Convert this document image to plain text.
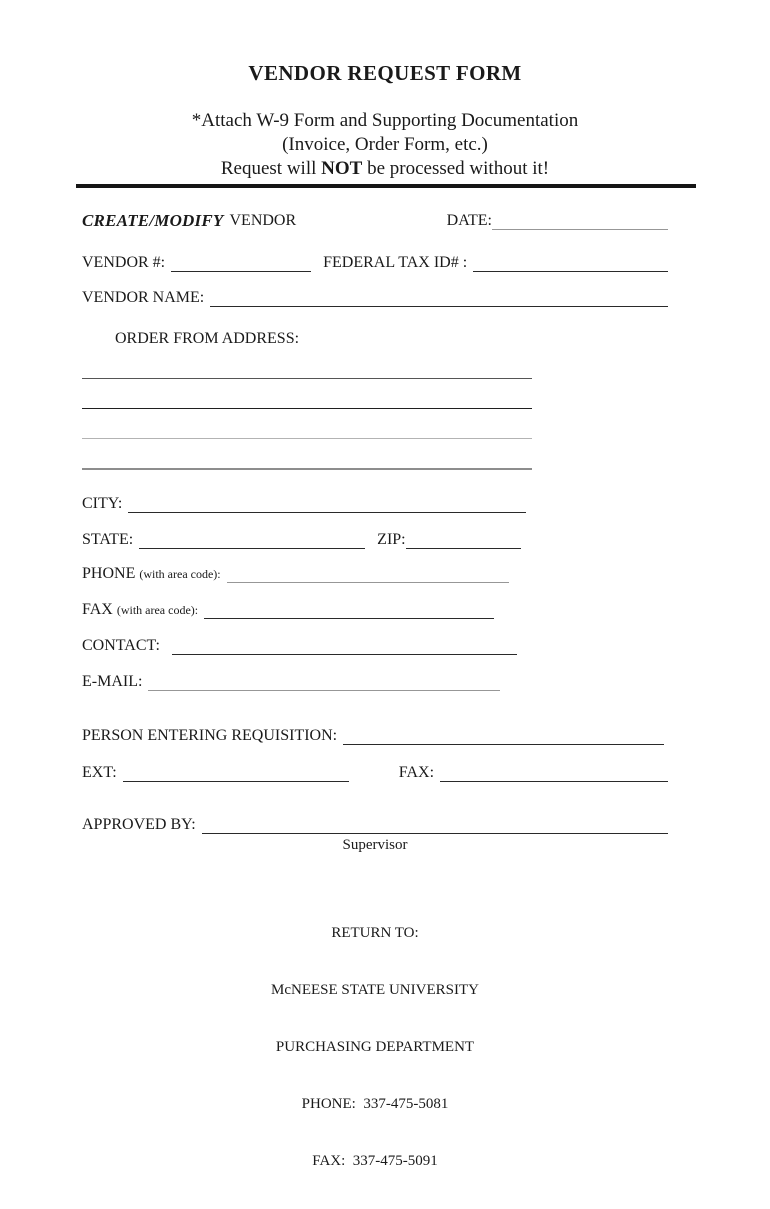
VENDOR REQUEST FORM
*Attach W-9 Form and Supporting Documentation
(Invoice, Order Form, etc.)
Request will NOT be processed without it!
CREATE/MODIFY VENDOR	DATE:
VENDOR #:	FEDERAL TAX ID# :
VENDOR NAME:
ORDER FROM ADDRESS:
CITY:
STATE:	ZIP:
PHONE (with area code):
FAX (with area code):
CONTACT:
E-MAIL:
PERSON ENTERING REQUISITION:
EXT:	FAX:
APPROVED BY:
Supervisor

RETURN TO:

McNEESE STATE UNIVERSITY

PURCHASING DEPARTMENT

PHONE:  337-475-5081

FAX:  337-475-5091
